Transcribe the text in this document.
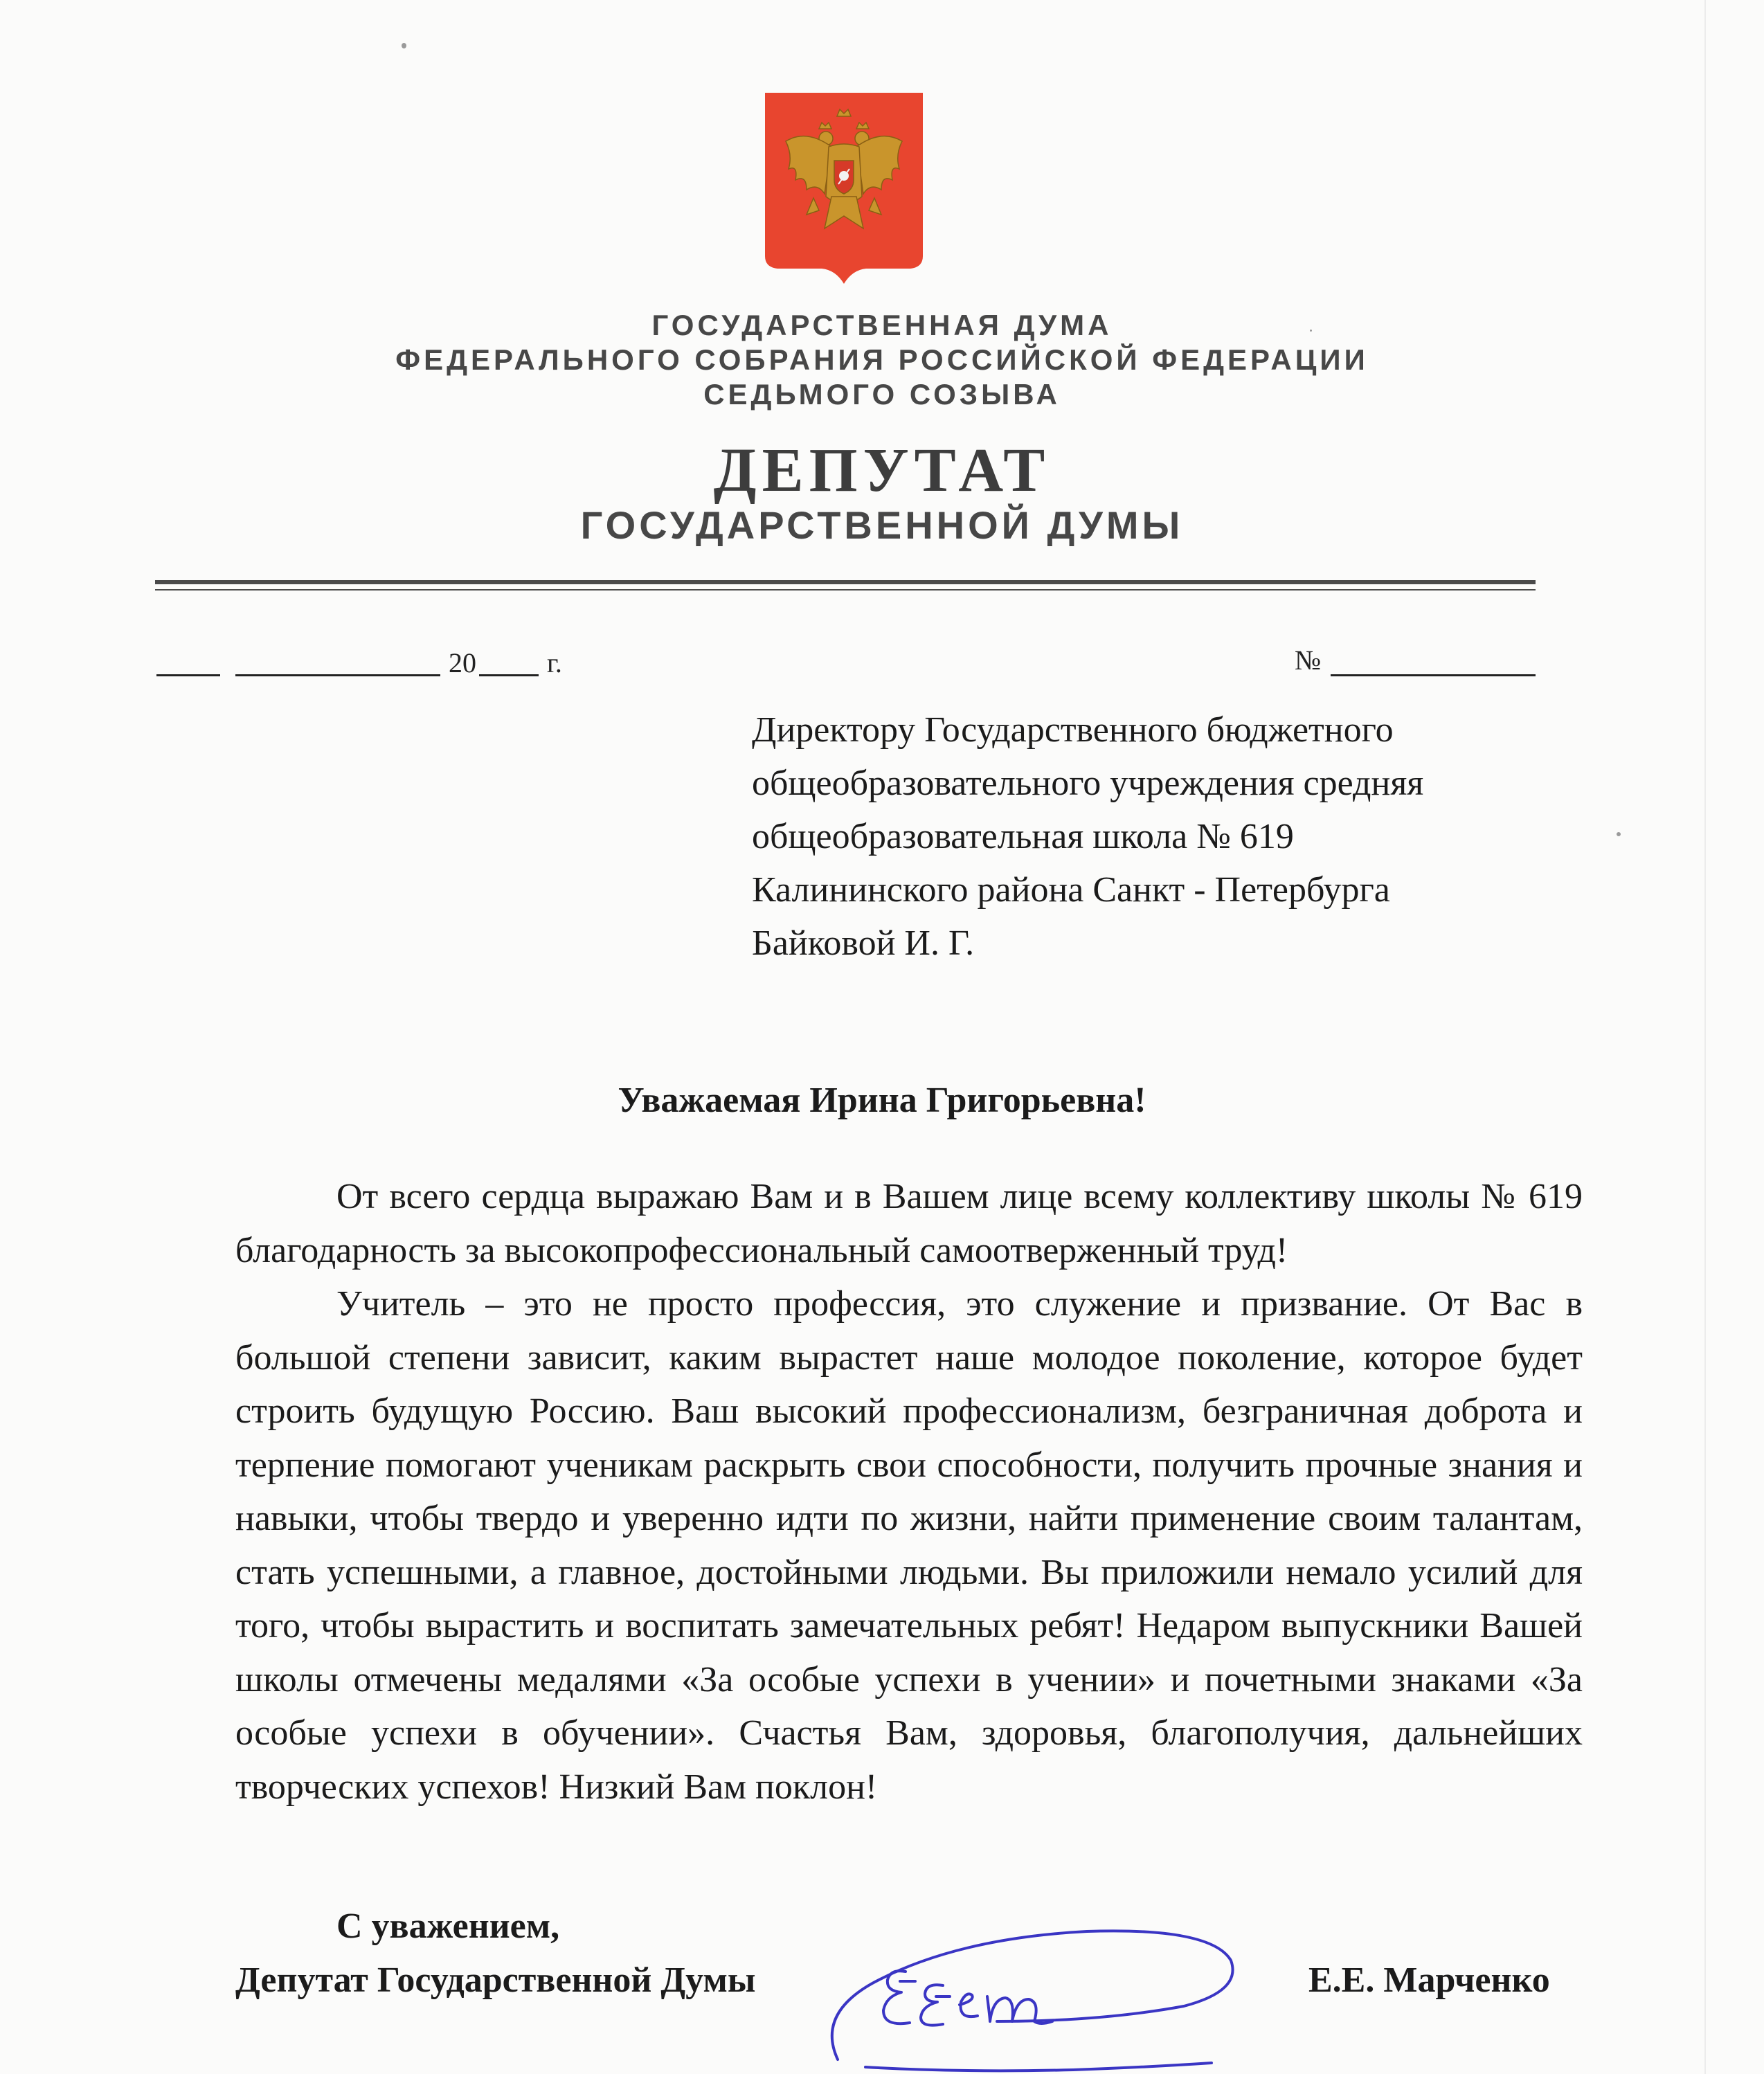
ГОСУДАРСТВЕННАЯ ДУМА
ФЕДЕРАЛЬНОГО СОБРАНИЯ РОССИЙСКОЙ ФЕДЕРАЦИИ
СЕДЬМОГО СОЗЫВА
ДЕПУТАТ
ГОСУДАРСТВЕННОЙ ДУМЫ
20	г.	№
Директору Государственного бюджетного
общеобразовательного учреждения средняя
общеобразовательная школа № 619
Калининского района Санкт - Петербурга
Байковой И. Г.
Уважаемая Ирина Григорьевна!

От всего сердца выражаю Вам и в Вашем лице всему коллективу школы № 619 благодарность за высокопрофессиональный самоотверженный труд!

Учитель – это не просто профессия, это служение и призвание. От Вас в большой степени зависит, каким вырастет наше молодое поколение, которое будет строить будущую Россию. Ваш высокий профессионализм, безграничная доброта и терпение помогают ученикам раскрыть свои способности, получить прочные знания и навыки, чтобы твердо и уверенно идти по жизни, найти применение своим талантам, стать успешными, а главное, достойными людьми. Вы приложили немало усилий для того, чтобы вырастить и воспитать замечательных ребят! Недаром выпускники Вашей школы отмечены медалями «За особые успехи в учении» и почетными знаками «За особые успехи в обучении». Счастья Вам, здоровья, благополучия, дальнейших творческих успехов! Низкий Вам поклон!

С уважением,
Депутат Государственной Думы	Е.Е. Марченко
